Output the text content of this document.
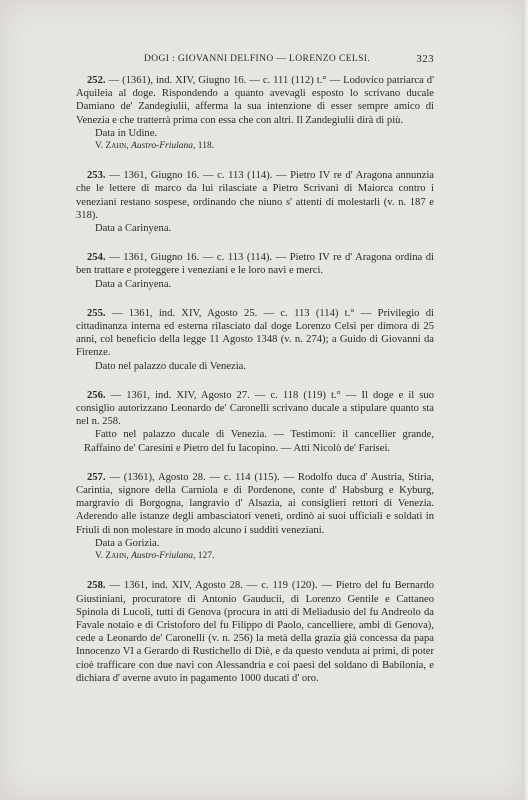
DOGI : GIOVANNI DELFINO — LORENZO CELSI.	323

252. — (1361), ind. XIV, Giugno 16. — c. 111 (112) t.° — Lodovico patriarca d' Aquileia al doge. Rispondendo a quanto avevagli esposto lo scrivano ducale Damiano de' Zandegiulii, afferma la sua intenzione di esser sempre amico di Venezia e che tratterrà prima con essa che con altri. Il Zandegiulii dirà di più.

Data in Udine.

V. Zahn, Austro-Friulana, 118.

253. — 1361, Giugno 16. — c. 113 (114). — Pietro IV re d' Aragona annunzia che le lettere di marco da lui rilasciate a Pietro Scrivani di Maiorca contro i veneziani restano sospese, ordinando che niuno s' attenti di molestarli (v. n. 187 e 318).

Data a Carinyena.

254. — 1361, Giugno 16. — c. 113 (114). — Pietro IV re d' Aragona ordina di ben trattare e proteggere i veneziani e le loro navi e merci.

Data a Carinyena.

255. — 1361, ind. XIV, Agosto 25. — c. 113 (114) t.° — Privilegio di cittadinanza interna ed esterna rilasciato dal doge Lorenzo Celsi per dimora di 25 anni, col beneficio della legge 11 Agosto 1348 (v. n. 274); a Guido di Giovanni da Firenze.

Dato nel palazzo ducale di Venezia.

256. — 1361, ind. XIV, Agosto 27. — c. 118 (119) t.° — Il doge e il suo consiglio autorizzano Leonardo de' Caronelli scrivano ducale a stipulare quanto sta nel n. 258.

Fatto nel palazzo ducale di Venezia. — Testimoni: il cancellier grande, Raffaino de' Caresini e Pietro del fu Iacopino. — Atti Nicolò de' Farisei.

257. — (1361), Agosto 28. — c. 114 (115). — Rodolfo duca d' Austria, Stiria, Carintia, signore della Carniola e di Pordenone, conte d' Habsburg e Kyburg, margravio di Borgogna, langravio d' Alsazia, ai consiglieri rettori di Venezia. Aderendo alle istanze degli ambasciatori veneti, ordinò ai suoi ufficiali e soldati in Friuli di non molestare in modo alcuno i sudditi veneziani.

Data a Gorizia.

V. Zahn, Austro-Friulana, 127.

258. — 1361, ind. XIV, Agosto 28. — c. 119 (120). — Pietro del fu Bernardo Giustiniani, procuratore di Antonio Gauducii, di Lorenzo Gentile e Cattaneo Spinola di Lucoli, tutti di Genova (procura in atti di Meliadusio del fu Andreolo da Favale notaio e di Cristoforo del fu Filippo di Paolo, cancelliere, ambi di Genova), cede a Leonardo de' Caronelli (v. n. 256) la metà della grazia già concessa da papa Innocenzo VI a Gerardo di Rustichello di Diè, e da questo venduta ai primi, di poter cioè trafficare con due navi con Alessandria e coi paesi del soldano di Babilonia, e dichiara d' averne avuto in pagamento 1000 ducati d' oro.
